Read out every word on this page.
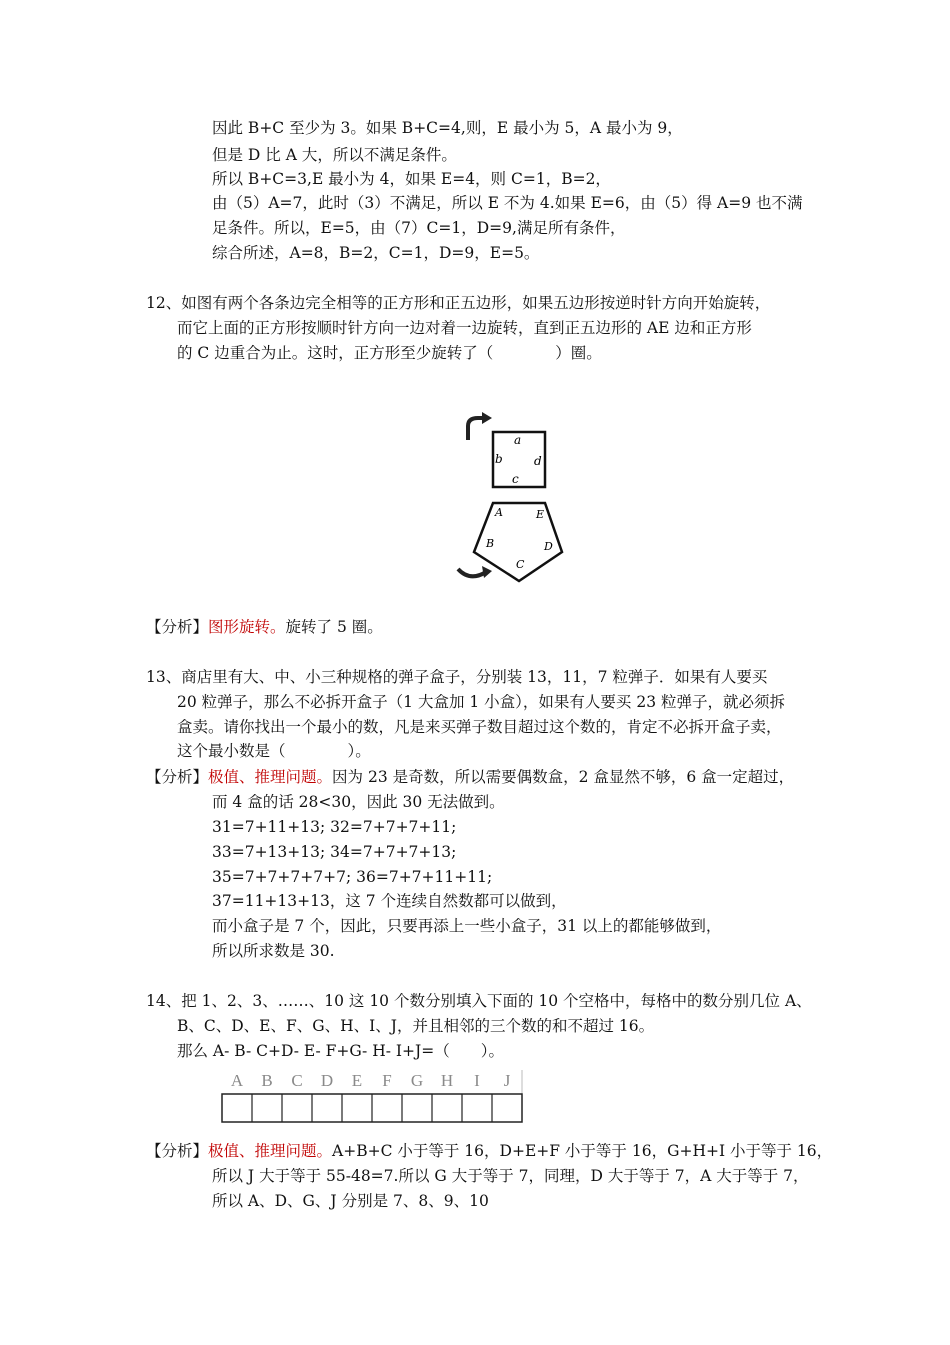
因此 B+C 至少为 3。如果 B+C=4,则，E 最小为 5，A 最小为 9，
但是 D 比 A 大，所以不满足条件。
所以 B+C=3,E 最小为 4，如果 E=4，则 C=1，B=2，
由（5）A=7，此时（3）不满足，所以 E 不为 4.如果 E=6，由（5）得 A=9 也不满
足条件。所以，E=5，由（7）C=1，D=9,满足所有条件，
综合所述，A=8，B=2，C=1，D=9，E=5。
12、如图有两个各条边完全相等的正方形和正五边形，如果五边形按逆时针方向开始旋转，
而它上面的正方形按顺时针方向一边对着一边旋转，直到正五边形的 AE 边和正方形
的 C 边重合为止。这时，正方形至少旋转了（　　　　）圈。
a
b
c
d
A	E
B	D
C
【分析】图形旋转。旋转了 5 圈。
13、商店里有大、中、小三种规格的弹子盒子，分别装 13，11，7 粒弹子．如果有人要买
20 粒弹子，那么不必拆开盒子（1 大盒加 1 小盒），如果有人要买 23 粒弹子，就必须拆
盒卖。请你找出一个最小的数，凡是来买弹子数目超过这个数的，肯定不必拆开盒子卖，
这个最小数是（　　　　）。
【分析】极值、推理问题。因为 23 是奇数，所以需要偶数盒，2 盒显然不够，6 盒一定超过，
而 4 盒的话 28<30，因此 30 无法做到。
31=7+11+13; 32=7+7+7+11;
33=7+13+13; 34=7+7+7+13;
35=7+7+7+7+7; 36=7+7+11+11;
37=11+13+13，这 7 个连续自然数都可以做到，
而小盒子是 7 个，因此，只要再添上一些小盒子，31 以上的都能够做到，
所以所求数是 30.
14、把 1、2、3、……、10 这 10 个数分别填入下面的 10 个空格中，每格中的数分别几位 A、
B、C、D、E、F、G、H、I、J，并且相邻的三个数的和不超过 16。
那么 A- B- C+D- E- F+G- H- I+J=（　　）。
A B C D E F G H I J
【分析】极值、推理问题。A+B+C 小于等于 16，D+E+F 小于等于 16，G+H+I 小于等于 16，
所以 J 大于等于 55-48=7.所以 G 大于等于 7，同理，D 大于等于 7，A 大于等于 7，
所以 A、D、G、J 分别是 7、8、9、10
